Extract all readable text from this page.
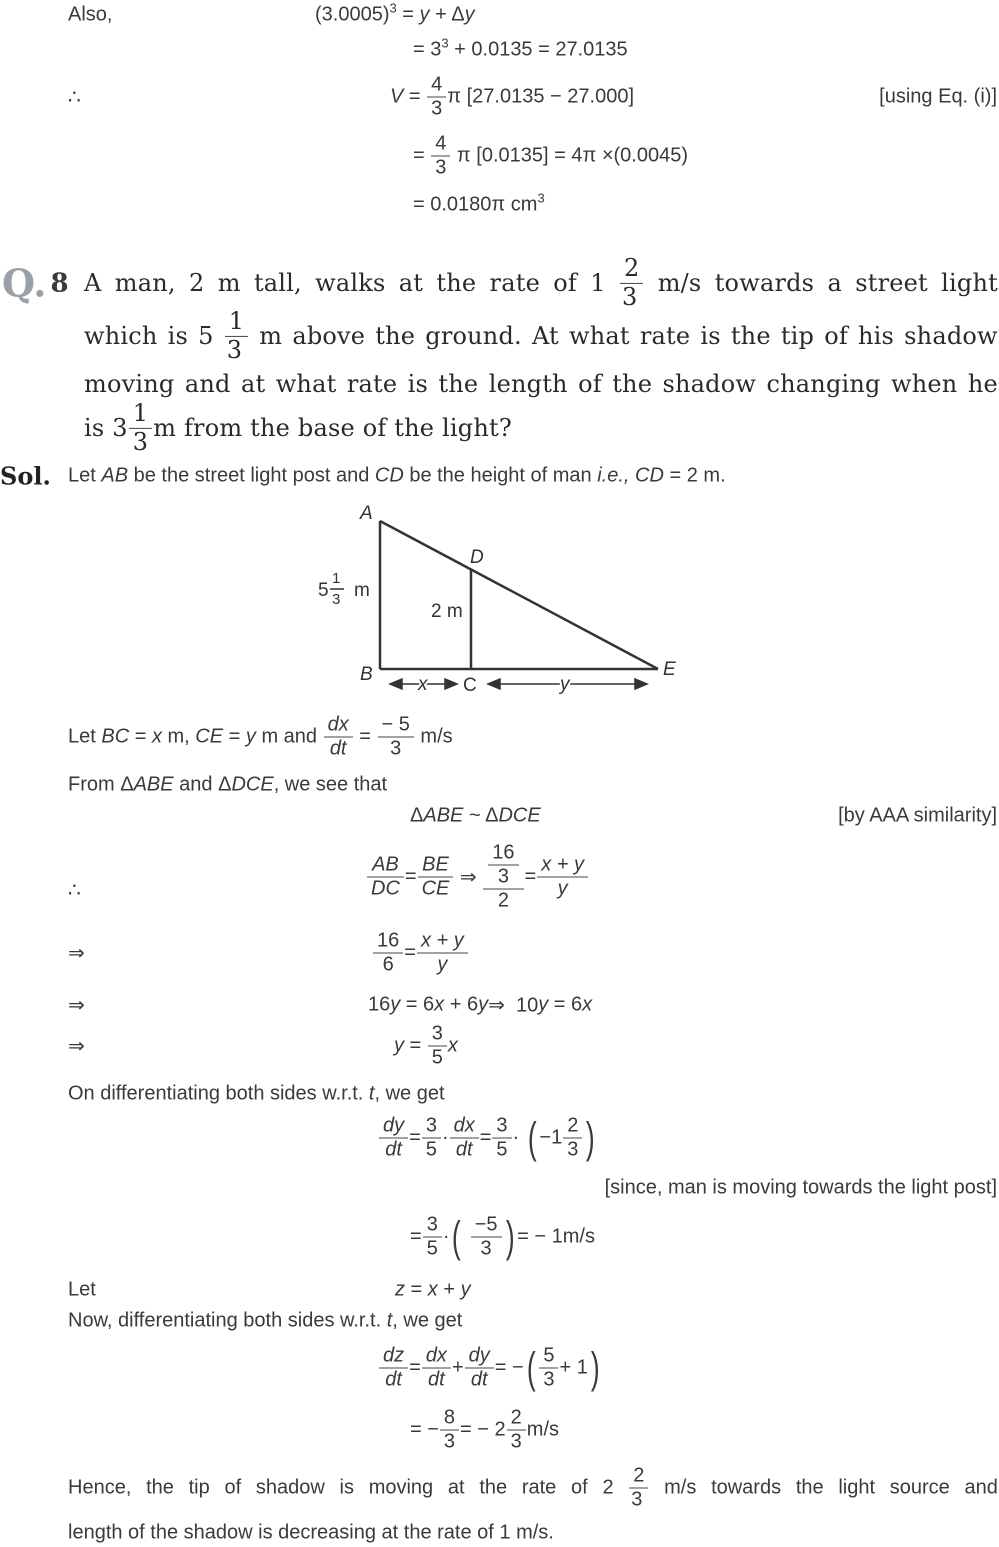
Also,	(3.0005) 3 = y + Δ y
= 3 3 + 0.0135 = 27.0135
∴	$V = \frac{4}{3}$ π [27.0135 − 27.000]	[using Eq. (i)]
= $\frac{4}{3}$ π [0.0135] = 4π ×(0.0045)
= 0.0180π cm 3
Q. 8 A man, 2 m tall, walks at the rate of $1 \frac{2}{3} m/s$ towards a street light
which is $5 \frac{1}{3}$ m above the ground. At what rate is the tip of his shadow
moving and at what rate is the length of the shadow changing when he
is $3 \frac{1}{3}$ m from the base of the light?
Sol. Let AB be the street light post and CD be the height of man i.e.,
CD = 2 m.
A
B
C
D
E
5
1
3 m
2 m
x	y
Let BC = x m, CE = y m and $\frac{dx}{dt} = \frac{- 5}{3} m/s$
From Δ ABE and Δ DCE , we see that
Δ ABE ~ Δ DCE	[by AAA similarity]
∴	$\frac{AB}{DC} = \frac{BE}{CE}$ ⇒ $\frac{\frac{16}{3}}{2} = \frac{x + y}{y}$
⇒	$\frac{16}{6} = \frac{x + y}{y}$
⇒	16 y = 6 x + 6 y ⇒  10 y = 6 x
⇒	$y = \frac{3}{5}$ x
On differentiating both sides w.r.t. t , we get
$\frac{dy}{dt} = \frac{3}{5} \cdot \frac{dx}{dt} = \frac{3}{5}$ · ( $-1 \frac{2}{3}$ )
[since, man is moving towards the light post]
= $\frac{3}{5}$ · (
$\frac{-5}{3}$ ) = − 1m/s
Let	z = x + y
Now, differentiating both sides w.r.t. t , we get
$\frac{dz}{dt} = \frac{dx}{dt} + \frac{dy}{dt}$ = − ( $\frac{5}{3} + 1$ )
= − $\frac{8}{3}$ = − $2 \frac{2}{3} m/s$
Hence, the tip of shadow is moving at the rate of $2 \frac{2}{3} m/s$ towards the light source and
length of the shadow is decreasing at the rate of 1 m/s.
